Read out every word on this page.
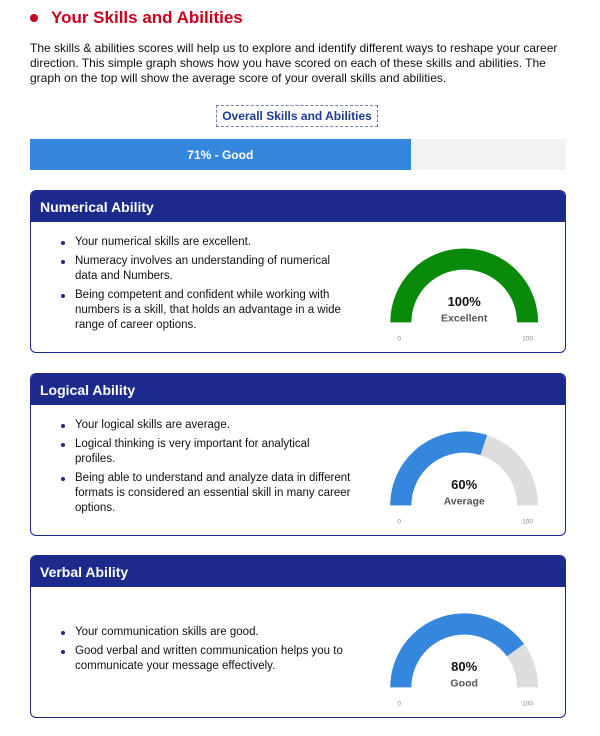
Your Skills and Abilities
The skills & abilities scores will help us to explore and identify different ways to reshape your career direction. This simple graph shows how you have scored on each of these skills and abilities. The graph on the top will show the average score of your overall skills and abilities.
Overall Skills and Abilities
71% - Good
Numerical Ability
Your numerical skills are excellent.
Numeracy involves an understanding of numerical data and Numbers.
Being competent and confident while working with numbers is a skill, that holds an advantage in a wide range of career options.
100%
Excellent
0	100
Logical Ability
Your logical skills are average.
Logical thinking is very important for analytical profiles.
Being able to understand and analyze data in different formats is considered an essential skill in many career options.
60%
Average
0	100
Verbal Ability
Your communication skills are good.
Good verbal and written communication helps you to communicate your message effectively.	80%
Good
0	100
